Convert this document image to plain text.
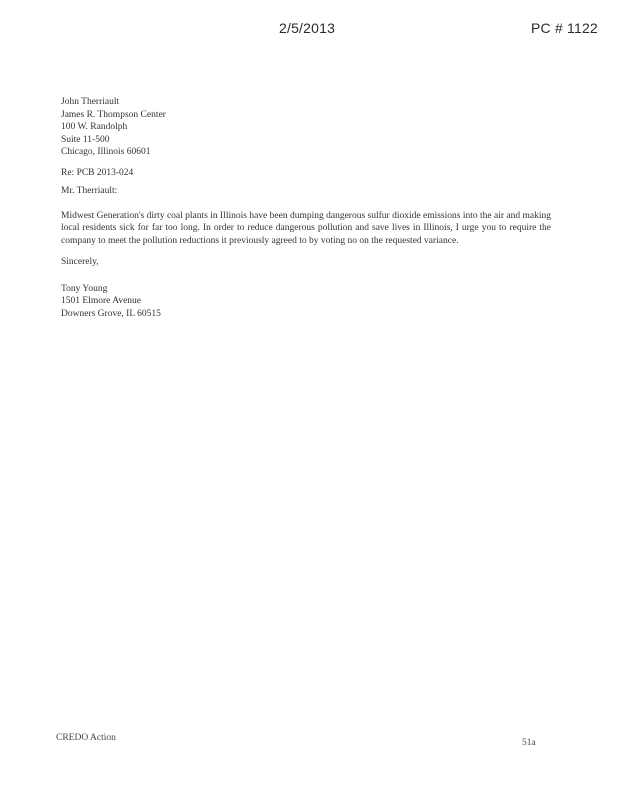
2/5/2013	PC # 1122

John Therriault
James R. Thompson Center
100 W. Randolph
Suite 11-500
Chicago, Illinois 60601

Re: PCB 2013-024

Mr. Therriault:

Midwest Generation's dirty coal plants in Illinois have been dumping dangerous sulfur dioxide emissions into the air and making local residents sick for far too long. In order to reduce dangerous pollution and save lives in Illinois, I urge you to require the company to meet the pollution reductions it previously agreed to by voting no on the requested variance.

Sincerely,

Tony Young
1501 Elmore Avenue
Downers Grove, IL 60515

CREDO Action	51a
